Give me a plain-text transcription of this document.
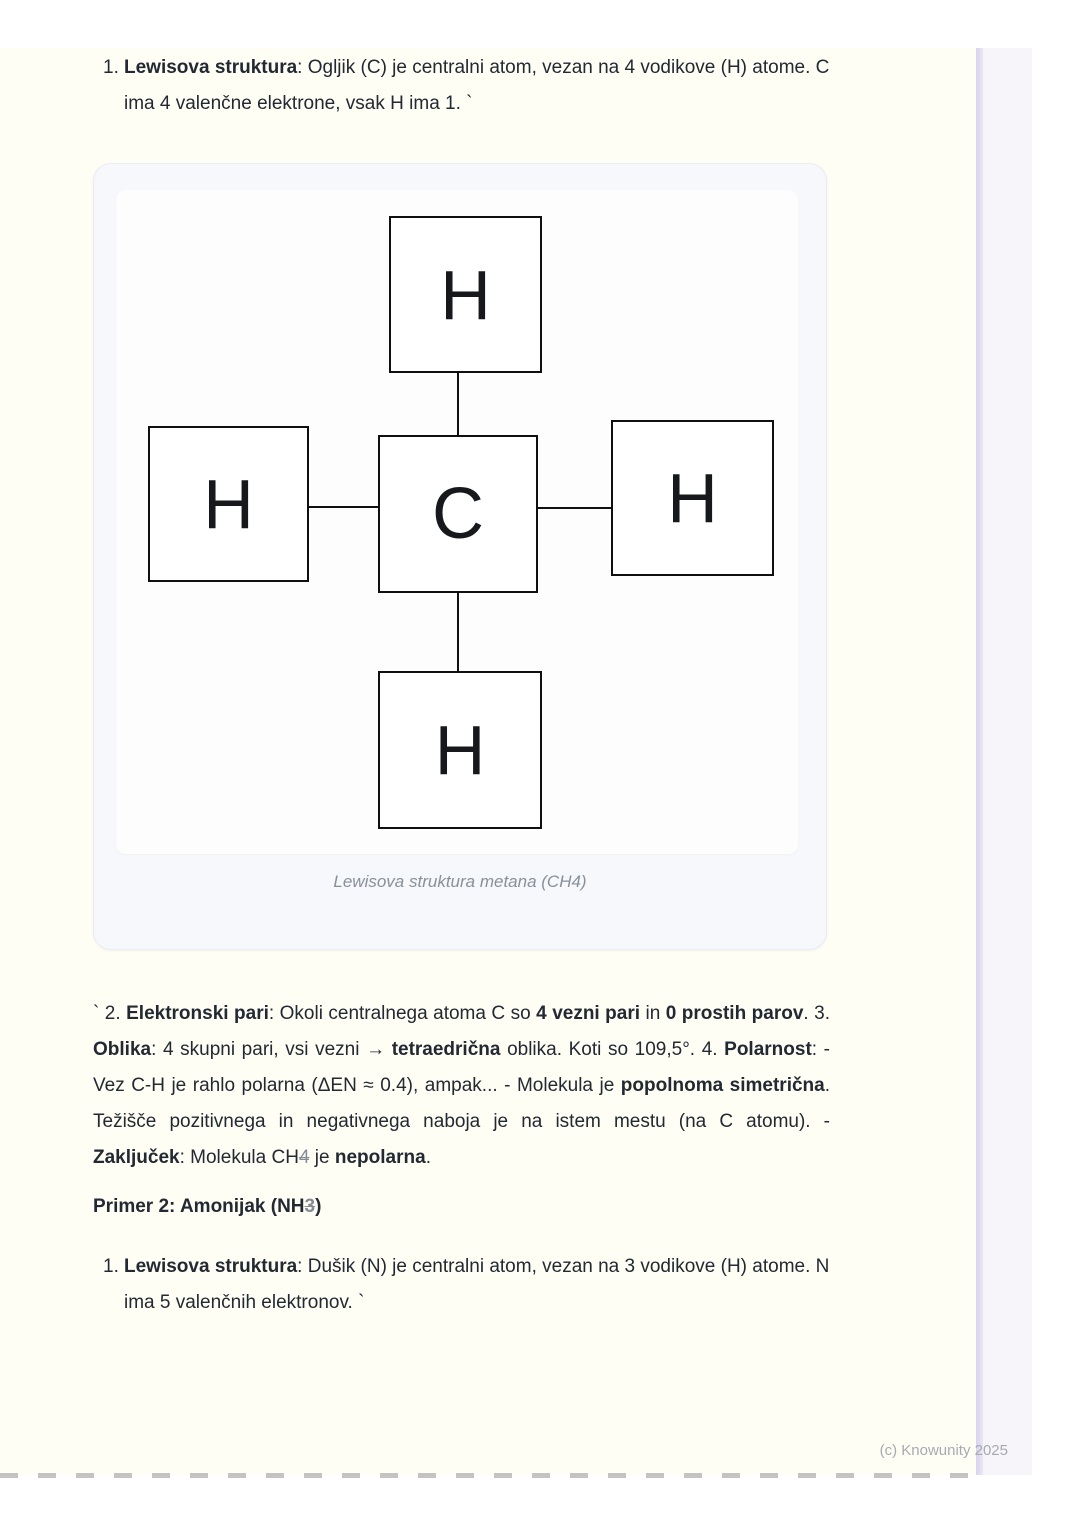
1. Lewisova struktura: Ogljik (C) je centralni atom, vezan na 4 vodikove (H) atome. C ima 4 valenčne elektrone, vsak H ima 1. `
H
H	C	H
H
Lewisova struktura metana (CH4)
` 2. Elektronski pari: Okoli centralnega atoma C so 4 vezni pari in 0 prostih parov. 3. Oblika: 4 skupni pari, vsi vezni → tetraedrična oblika. Koti so 109,5°. 4. Polarnost: - Vez C-H je rahlo polarna (ΔEN ≈ 0.4), ampak... - Molekula je popolnoma simetrična. Težišče pozitivnega in negativnega naboja je na istem mestu (na C atomu). - Zaključek: Molekula CH4 je nepolarna.
Primer 2: Amonijak (NH3)
1. Lewisova struktura: Dušik (N) je centralni atom, vezan na 3 vodikove (H) atome. N ima 5 valenčnih elektronov. `
(c) Knowunity 2025
